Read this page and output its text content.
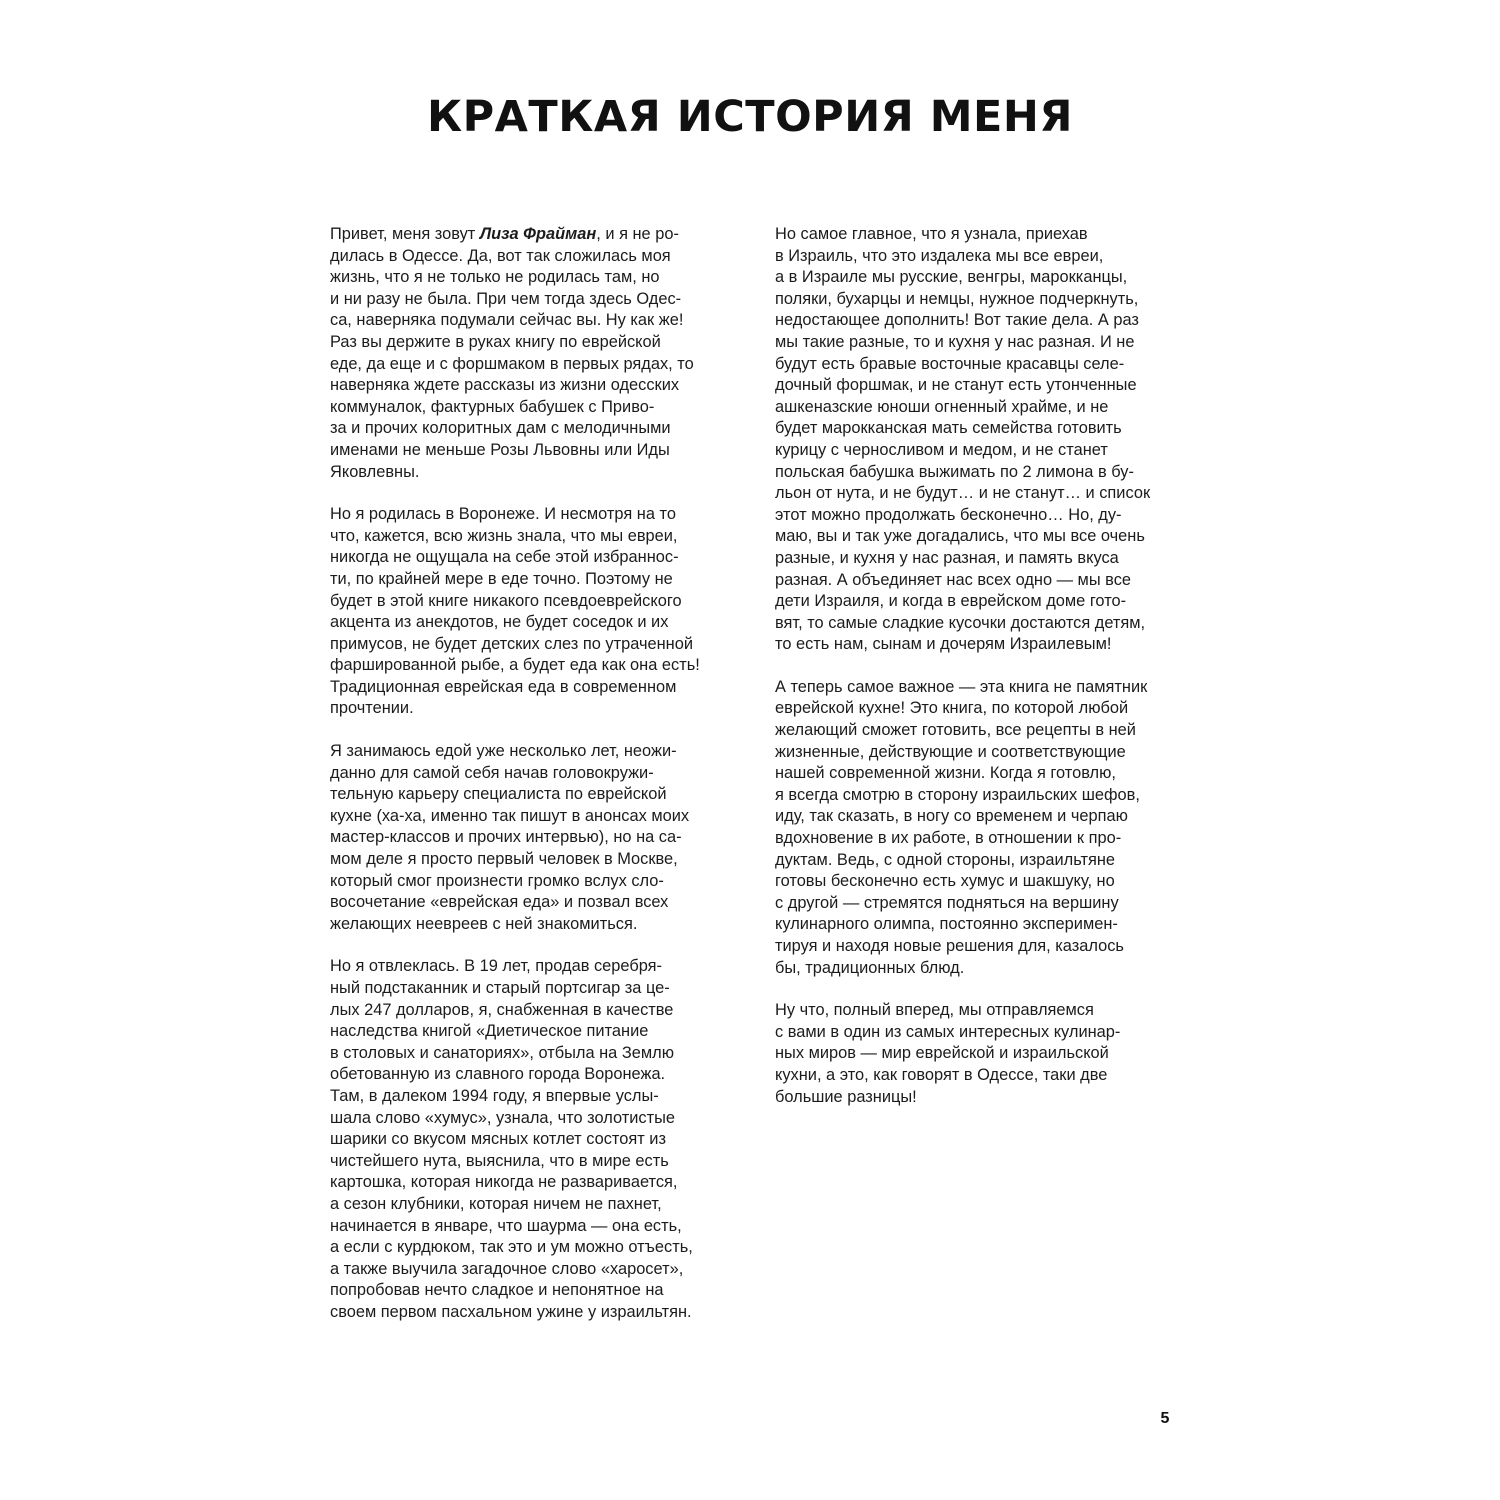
КРАТКАЯ ИСТОРИЯ МЕНЯ

Привет, меня зовут Лиза Фрайман, и я не ро-
дилась в Одессе. Да, вот так сложилась моя
жизнь, что я не только не родилась там, но
и ни разу не была. При чем тогда здесь Одес-
са, наверняка подумали сейчас вы. Ну как же!
Раз вы держите в руках книгу по еврейской
еде, да еще и с форшмаком в первых рядах, то
наверняка ждете рассказы из жизни одесских
коммуналок, фактурных бабушек с Приво-
за и прочих колоритных дам с мелодичными
именами не меньше Розы Львовны или Иды
Яковлевны.

Но я родилась в Воронеже. И несмотря на то
что, кажется, всю жизнь знала, что мы евреи,
никогда не ощущала на себе этой избраннос-
ти, по крайней мере в еде точно. Поэтому не
будет в этой книге никакого псевдоеврейского
акцента из анекдотов, не будет соседок и их
примусов, не будет детских слез по утраченной
фаршированной рыбе, а будет еда как она есть!
Традиционная еврейская еда в современном
прочтении.

Я занимаюсь едой уже несколько лет, неожи-
данно для самой себя начав головокружи-
тельную карьеру специалиста по еврейской
кухне (ха-ха, именно так пишут в анонсах моих
мастер-классов и прочих интервью), но на са-
мом деле я просто первый человек в Москве,
который смог произнести громко вслух сло-
восочетание «еврейская еда» и позвал всех
желающих неевреев с ней знакомиться.

Но я отвлеклась. В 19 лет, продав серебря-
ный подстаканник и старый портсигар за це-
лых 247 долларов, я, снабженная в качестве
наследства книгой «Диетическое питание
в столовых и санаториях», отбыла на Землю
обетованную из славного города Воронежа.
Там, в далеком 1994 году, я впервые услы-
шала слово «хумус», узнала, что золотистые
шарики со вкусом мясных котлет состоят из
чистейшего нута, выяснила, что в мире есть
картошка, которая никогда не разваривается,
а сезон клубники, которая ничем не пахнет,
начинается в январе, что шаурма — она есть,
а если с курдюком, так это и ум можно отъесть,
а также выучила загадочное слово «харосет»,
попробовав нечто сладкое и непонятное на
своем первом пасхальном ужине у израильтян.

Но самое главное, что я узнала, приехав
в Израиль, что это издалека мы все евреи,
а в Израиле мы русские, венгры, марокканцы,
поляки, бухарцы и немцы, нужное подчеркнуть,
недостающее дополнить! Вот такие дела. А раз
мы такие разные, то и кухня у нас разная. И не
будут есть бравые восточные красавцы селе-
дочный форшмак, и не станут есть утонченные
ашкеназские юноши огненный храйме, и не
будет марокканская мать семейства готовить
курицу с черносливом и медом, и не станет
польская бабушка выжимать по 2 лимона в бу-
льон от нута, и не будут… и не станут… и список
этот можно продолжать бесконечно… Но, ду-
маю, вы и так уже догадались, что мы все очень
разные, и кухня у нас разная, и память вкуса
разная. А объединяет нас всех одно — мы все
дети Израиля, и когда в еврейском доме гото-
вят, то самые сладкие кусочки достаются детям,
то есть нам, сынам и дочерям Израилевым!

А теперь самое важное — эта книга не памятник
еврейской кухне! Это книга, по которой любой
желающий сможет готовить, все рецепты в ней
жизненные, действующие и соответствующие
нашей современной жизни. Когда я готовлю,
я всегда смотрю в сторону израильских шефов,
иду, так сказать, в ногу со временем и черпаю
вдохновение в их работе, в отношении к про-
дуктам. Ведь, с одной стороны, израильтяне
готовы бесконечно есть хумус и шакшуку, но
с другой — стремятся подняться на вершину
кулинарного олимпа, постоянно эксперимен-
тируя и находя новые решения для, казалось
бы, традиционных блюд.

Ну что, полный вперед, мы отправляемся
с вами в один из самых интересных кулинар-
ных миров — мир еврейской и израильской
кухни, а это, как говорят в Одессе, таки две
большие разницы!

5
